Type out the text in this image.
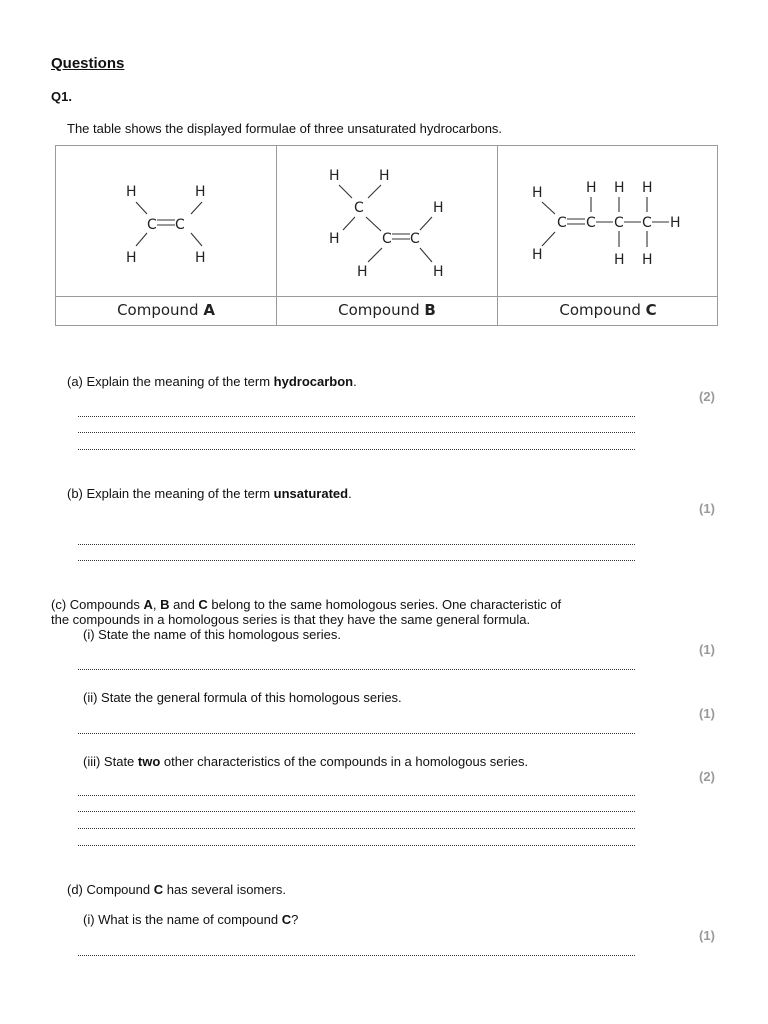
Questions
Q1.
The table shows the displayed formulae of three unsaturated hydrocarbons.
H	H
C C
H	H
H	H
C	H
H	C C
H	H
H	H H H
C C C C H
H	H H
Compound A	Compound B	Compound C
(a) Explain the meaning of the term hydrocarbon.
(2)
(b) Explain the meaning of the term unsaturated.
(1)
(c) Compounds A, B and C belong to the same homologous series. One characteristic of
the compounds in a homologous series is that they have the same general formula.
(i) State the name of this homologous series.
(1)
(ii) State the general formula of this homologous series.
(1)
(iii) State two other characteristics of the compounds in a homologous series.
(2)
(d) Compound C has several isomers.
(i) What is the name of compound C?
(1)
